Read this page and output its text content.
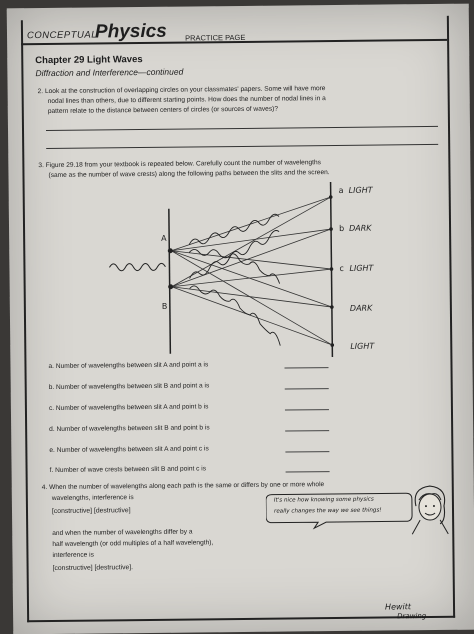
CONCEPTUAL
Physics PRACTICE PAGE
Chapter 29 Light Waves
Diffraction and Interference—continued
2. Look at the construction of overlapping circles on your classmates' papers. Some will have more
nodal lines than others, due to different starting points. How does the number of nodal lines in a
pattern relate to the distance between centers of circles (or sources of waves)?
3. Figure 29.18 from your textbook is repeated below. Carefully count the number of wavelengths
(same as the number of wave crests) along the following paths between the slits and the screen.
A
B
a LIGHT
b DARK
c LIGHT
DARK
LIGHT
a. Number of wavelengths between slit A and point a is
b. Number of wavelengths between slit B and point a is
c. Number of wavelengths between slit A and point b is
d. Number of wavelengths between slit B and point b is
e. Number of wavelengths between slit A and point c is
f. Number of wave crests between slit B and point c is
4. When the number of wavelengths along each path is the same or differs by one or more whole
wavelengths, interference is
[constructive] [destructive]
and when the number of wavelengths differ by a
half wavelength (or odd multiples of a half wavelength),
interference is
[constructive] [destructive].
It's nice how knowing some physics
really changes the way we see things!
Hewitt
Drawing
